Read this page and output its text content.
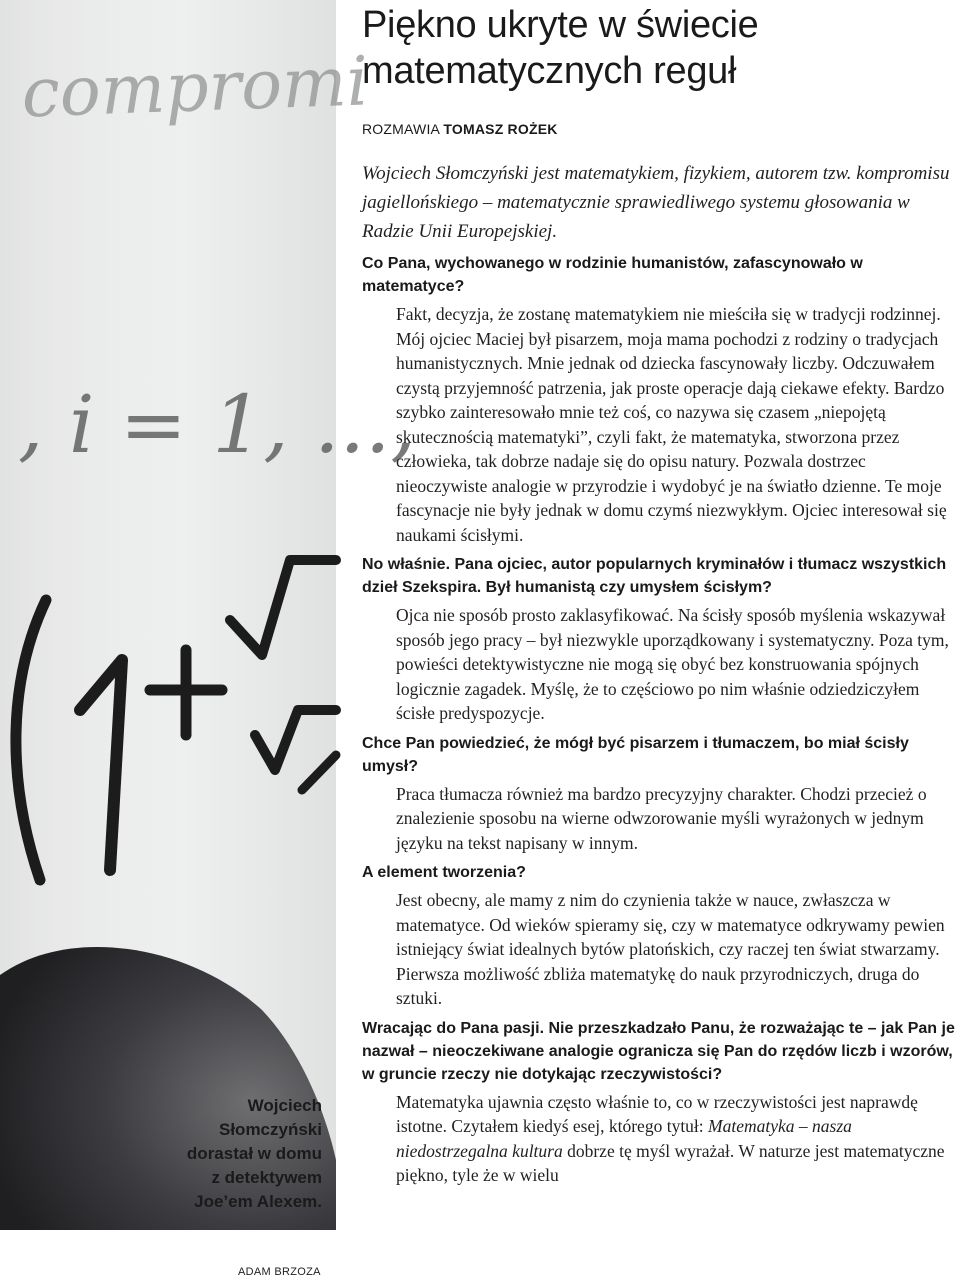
compromi
, i = 1, ...,
Wojciech
Słomczyński
dorastał w domu
z detektywem
Joe’em Alexem.
ADAM BRZOZA
Piękno ukryte w świecie matematycznych reguł
ROZMAWIA TOMASZ ROŻEK

Wojciech Słomczyński jest matematykiem, fizykiem, autorem tzw. kompromisu jagiellońskiego – matematycznie sprawiedliwego systemu głosowania w Radzie Unii Europejskiej.

Co Pana, wychowanego w rodzinie humanistów, zafascynowało w matematyce?

Fakt, decyzja, że zostanę matematykiem nie mieściła się w tradycji rodzinnej. Mój ojciec Maciej był pisarzem, moja mama pochodzi z rodziny o tradycjach humanistycznych. Mnie jednak od dziecka fascynowały liczby. Odczuwałem czystą przyjemność patrzenia, jak proste operacje dają ciekawe efekty. Bardzo szybko zainteresowało mnie też coś, co nazywa się czasem „niepojętą skutecznością matematyki”, czyli fakt, że matematyka, stworzona przez człowieka, tak dobrze nadaje się do opisu natury. Pozwala dostrzec nieoczywiste analogie w przyrodzie i wydobyć je na światło dzienne. Te moje fascynacje nie były jednak w domu czymś niezwykłym. Ojciec interesował się naukami ścisłymi.

No właśnie. Pana ojciec, autor popularnych kryminałów i tłumacz wszystkich dzieł Szekspira. Był humanistą czy umysłem ścisłym?

Ojca nie sposób prosto zaklasyfikować. Na ścisły sposób myślenia wskazywał sposób jego pracy – był niezwykle uporządkowany i systematyczny. Poza tym, powieści detektywistyczne nie mogą się obyć bez konstruowania spójnych logicznie zagadek. Myślę, że to częściowo po nim właśnie odziedziczyłem ścisłe predyspozycje.

Chce Pan powiedzieć, że mógł być pisarzem i tłumaczem, bo miał ścisły umysł?

Praca tłumacza również ma bardzo precyzyjny charakter. Chodzi przecież o znalezienie sposobu na wierne odwzorowanie myśli wyrażonych w jednym języku na tekst napisany w innym.

A element tworzenia?

Jest obecny, ale mamy z nim do czynienia także w nauce, zwłaszcza w matematyce. Od wieków spieramy się, czy w matematyce odkrywamy pewien istniejący świat idealnych bytów platońskich, czy raczej ten świat stwarzamy. Pierwsza możliwość zbliża matematykę do nauk przyrodniczych, druga do sztuki.

Wracając do Pana pasji. Nie przeszkadzało Panu, że rozważając te – jak Pan je nazwał – nieoczekiwane analogie ogranicza się Pan do rzędów liczb i wzorów, w gruncie rzeczy nie dotykając rzeczywistości?

Matematyka ujawnia często właśnie to, co w rzeczywistości jest naprawdę istotne. Czytałem kiedyś esej, którego tytuł: Matematyka – nasza niedostrzegalna kultura dobrze tę myśl wyrażał. W naturze jest matematyczne piękno, tyle że w wielu
